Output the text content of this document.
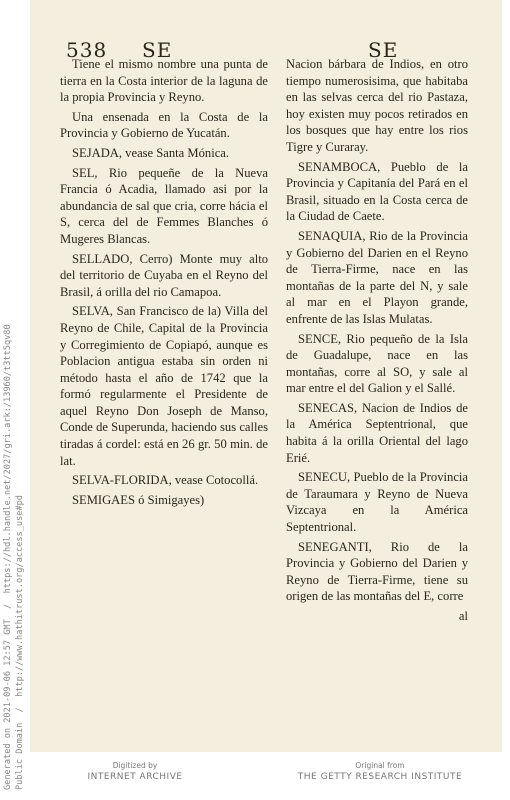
Generated on 2021-09-06 12:57 GMT  /  https://hdl.handle.net/2027/gri.ark:/13960/t3tt5qv80 Public Domain  /  http://www.hathitrust.org/access_use#pd
538 SE	SE

Tiene el mismo nombre una punta de tierra en la Costa interior de la laguna de la propia Provincia y Reyno.

Una ensenada en la Costa de la Provincia y Gobierno de Yucatán.

SEJADA, vease Santa Mónica.

SEL, Rio pequeñe de la Nueva Francia ó Acadia, llamado asi por la abundancia de sal que cria, corre hácia el S, cerca del de Femmes Blanches ó Mugeres Blancas.

SELLADO, Cerro) Monte muy alto del territorio de Cuyaba en el Reyno del Brasil, á orilla del rio Camapoa.

SELVA, San Francisco de la) Villa del Reyno de Chile, Capital de la Provincia y Corregimiento de Copiapó, aunque es Poblacion antigua estaba sin orden ni método hasta el año de 1742 que la formó regularmente el Presidente de aquel Reyno Don Joseph de Manso, Conde de Superunda, haciendo sus calles tiradas á cordel: está en 26 gr. 50 min. de lat.

SELVA-FLORIDA, vease Cotocollá.

SEMIGAES ó Simigayes)

Nacion bárbara de Indios, en otro tiempo numerosisima, que habitaba en las selvas cerca del rio Pastaza, hoy existen muy pocos retirados en los bosques que hay entre los rios Tigre y Curaray.

SENAMBOCA, Pueblo de la Provincia y Capitanía del Pará en el Brasil, situado en la Costa cerca de la Ciudad de Caete.

SENAQUIA, Rio de la Provincia y Gobierno del Darien en el Reyno de Tierra-Firme, nace en las montañas de la parte del N, y sale al mar en el Playon grande, enfrente de las Islas Mulatas.

SENCE, Rio pequeño de la Isla de Guadalupe, nace en las montañas, corre al SO, y sale al mar entre el del Galion y el Sallé.

SENECAS, Nacion de Indios de la América Septentrional, que habita á la orilla Oriental del lago Erié.

SENECU, Pueblo de la Provincia de Taraumara y Reyno de Nueva Vizcaya en la América Septentrional.

SENEGANTI, Rio de la Provincia y Gobierno del Darien y Reyno de Tierra-Firme, tiene su origen de las montañas del E, corre

al
Digitized by
INTERNET ARCHIVE
Original from
THE GETTY RESEARCH INSTITUTE
